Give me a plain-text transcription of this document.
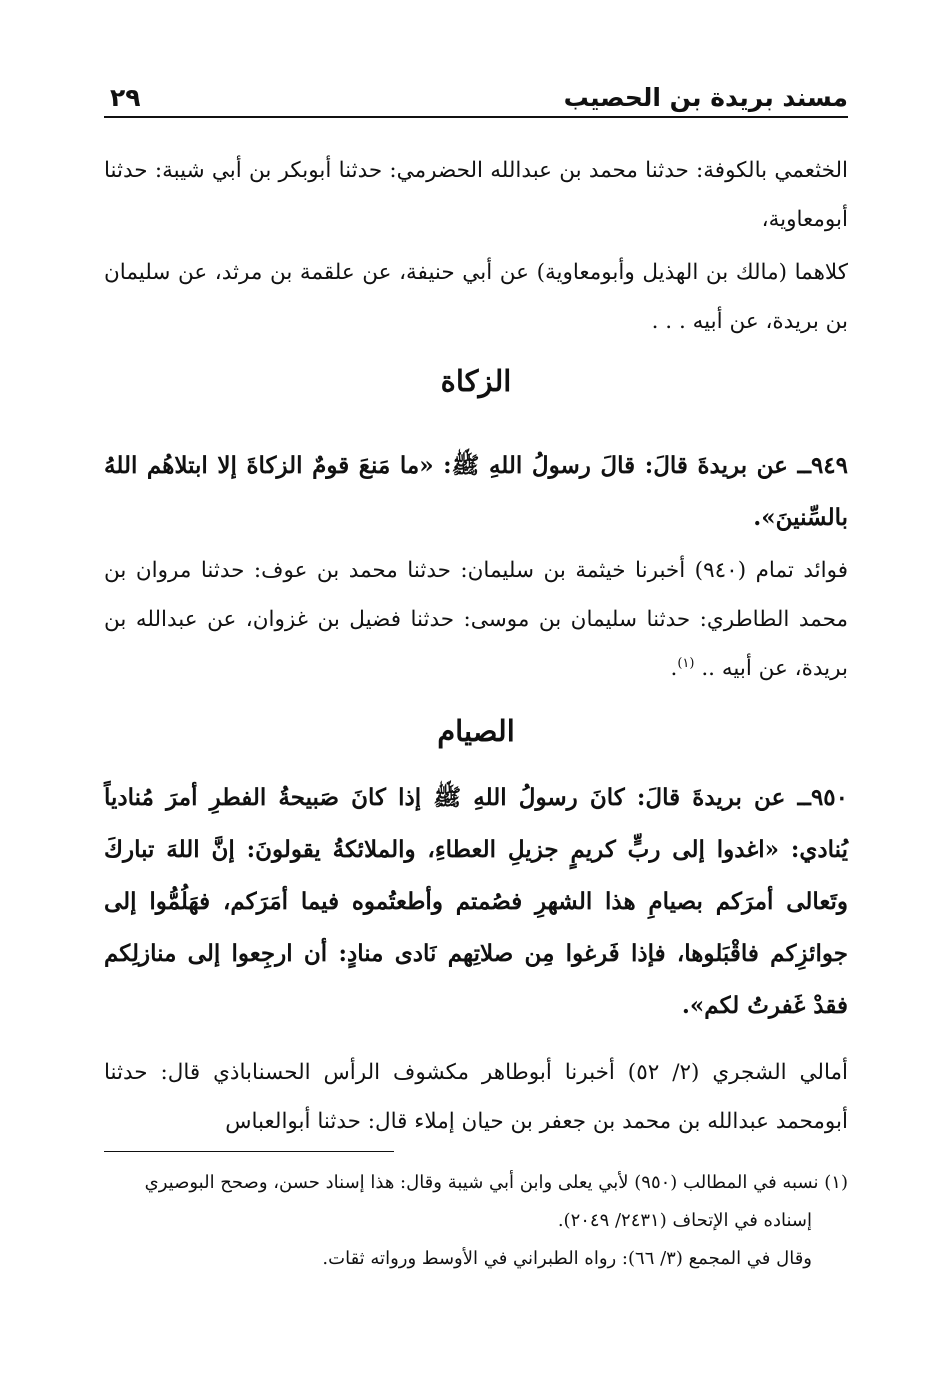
مسند بريدة بن الحصيب
٢٩
الخثعمي بالكوفة: حدثنا محمد بن عبدالله الحضرمي: حدثنا أبوبكر بن أبي شيبة: حدثنا أبومعاوية،
كلاهما (مالك بن الهذيل وأبومعاوية) عن أبي حنيفة، عن علقمة بن مرثد، عن سليمان بن بريدة، عن أبيه . . .
الزكاة
٩٤٩ــ عن بريدةَ قالَ: قالَ رسولُ اللهِ ﷺ: «ما مَنعَ قومٌ الزكاةَ إلا ابتلاهُم اللهُ بالسِّنينَ».
فوائد تمام (٩٤٠) أخبرنا خيثمة بن سليمان: حدثنا محمد بن عوف: حدثنا مروان بن محمد الطاطري: حدثنا سليمان بن موسى: حدثنا فضيل بن غزوان، عن عبدالله بن بريدة، عن أبيه .. $^{(١)}$.
الصيام
٩٥٠ــ عن بريدةَ قالَ: كانَ رسولُ اللهِ ﷺ إذا كانَ صَبيحةُ الفطرِ أمرَ مُنادياً يُنادي: «اغدوا إلى ربٍّ كريمٍ جزيلِ العطاءِ، والملائكةُ يقولونَ: إنَّ اللهَ تباركَ وتَعالى أمرَكم بصيامِ هذا الشهرِ فصُمتم وأطعتُموه فيما أمَرَكم، فهَلُمُّوا إلى جوائزِكم فاقْبَلوها، فإذا فَرغوا مِن صلاتِهم نَادى منادٍ: أن ارجِعوا إلى منازلِكم فقدْ غَفرتُ لكم».
أمالي الشجري (٢/ ٥٢) أخبرنا أبوطاهر مكشوف الرأس الحسناباذي قال: حدثنا أبومحمد عبدالله بن محمد بن جعفر بن حيان إملاء قال: حدثنا أبوالعباس
(١) نسبه في المطالب (٩٥٠) لأبي يعلى وابن أبي شيبة وقال: هذا إسناد حسن، وصحح البوصيري
إسناده في الإتحاف (٢٤٣١/ ٢٠٤٩).
وقال في المجمع (٣/ ٦٦): رواه الطبراني في الأوسط ورواته ثقات.
